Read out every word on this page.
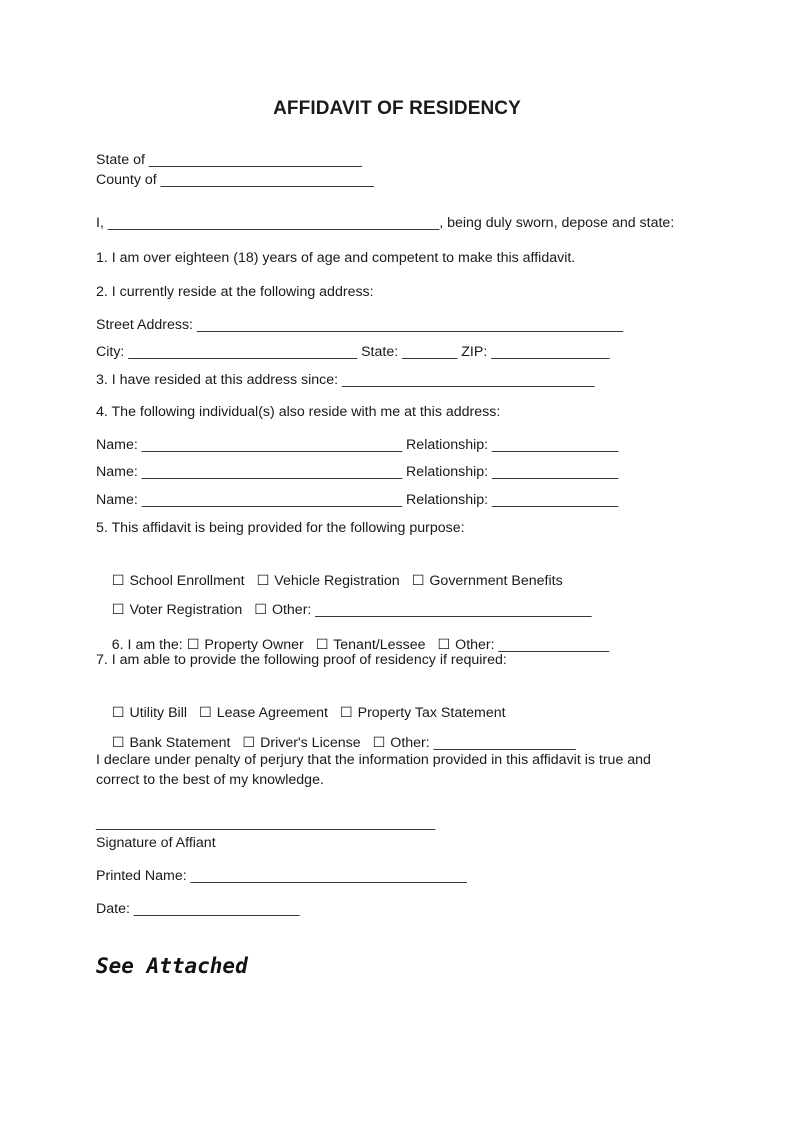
AFFIDAVIT OF RESIDENCY
State of ___________________________
County of ___________________________
I, __________________________________________, being duly sworn, depose and state:
1. I am over eighteen (18) years of age and competent to make this affidavit.
2. I currently reside at the following address:
Street Address: ______________________________________________________
City: _____________________________ State: _______ ZIP: _______________
3. I have resided at this address since: ________________________________
4. The following individual(s) also reside with me at this address:
Name: _________________________________ Relationship: ________________
Name: _________________________________ Relationship: ________________
Name: _________________________________ Relationship: ________________
5. This affidavit is being provided for the following purpose:

☐ School Enrollment ☐ Vehicle Registration ☐ Government Benefits

☐ Voter Registration ☐ Other: ___________________________________

6. I am the: ☐ Property Owner ☐ Tenant/Lessee ☐ Other: ______________

7. I am able to provide the following proof of residency if required:

☐ Utility Bill ☐ Lease Agreement ☐ Property Tax Statement

☐ Bank Statement ☐ Driver's License ☐ Other: __________________

I declare under penalty of perjury that the information provided in this affidavit is true and
correct to the best of my knowledge.
___________________________________________
Signature of Affiant
Printed Name: ___________________________________
Date: _____________________
See Attached
